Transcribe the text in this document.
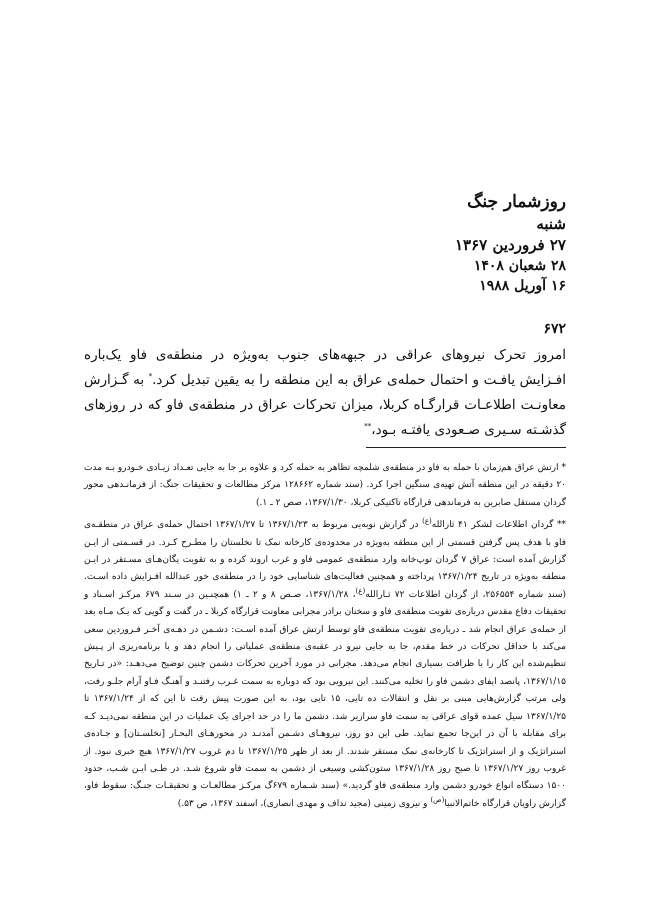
روزشمار جنگ
شنبه
۲۷ فروردین ۱۳۶۷
۲۸ شعبان ۱۴۰۸
۱۶ آوریل ۱۹۸۸
۶۷۲
امروز تحرک نیروهای عراقی در جبهه‌های جنوب به‌ویژه در منطقه‌ی فاو یک‌باره افـزایش یافـت و احتمال حمله‌ی عراق به این منطقه را به یقین تبدیل کرد.* به گـزارش معاونـت اطلاعـات قرارگـاه کربلا، میزان تحرکات عراق در منطقه‌ی فاو که در روزهای گذشـته سـیری صـعودی یافتـه بـود،**

* ارتش عراق هم‌زمان با حمله به فاو در منطقه‌ی شلمچه تظاهر به حمله کرد و علاوه بر جا به جایی تعـداد زیـادی خـودرو بـه مدت ۲۰ دقیقه در این منطقه آتش تهیه‌ی سنگین اجرا کرد. (سند شماره ۱۲۸۶۶۲ مرکز مطالعات و تحقیقات جنگ: از فرمانـدهی محور گردان مستقل صابرین به فرماندهی قرارگاه تاکتیکی کربلا، ۱۳۶۷/۱/۳۰، صص ۲ ـ ۱.)

** گردان اطلاعات لشکر ۴۱ ثارالله$^{(ع)}$ در گزارش نوبه‌یی مربوط به ۱۳۶۷/۱/۲۳ تا ۱۳۶۷/۱/۲۷ احتمال حمله‌ی عراق در منطقـه‌ی فاو با هدف پس گرفتن قسمتی از این منطقه به‌ویژه در محدوده‌ی کارخانه نمک تا نخلستان را مطـرح کـرد. در قسـمتی از ایـن گزارش آمده است: عراق ۷ گردان توپ‌خانه وارد منطقه‌ی عمومی فاو و غرب اروند کرده و به تقویت یگان‌هـای مسـتقر در ایـن منطقه به‌ویژه در تاریخ ۱۳۶۷/۱/۲۴ پرداخته و همچنین فعالیت‌های شناسایی خود را در منطقه‌ی خور عبدالله افـزایش داده اسـت. (سند شماره ۲۵۶۵۵۴، از گردان اطلاعات ۷۲ ثـارالله$^{(ع)}$، ۱۳۶۷/۱/۲۸، صـص ۸ و ۲ ـ ۱) همچنـین در سـند ۶۷۹ مرکـز اسـناد و تحقیقات دفاع مقدس درباره‌ی تقویت منطقه‌ی فاو و سخنان برادر مجرابی معاونت قرارگاه کربلا ـ در گفت و گویی که یـک مـاه بعد از حمله‌ی عراق انجام شد ـ درباره‌ی تقویت منطقه‌ی فاو توسط ارتش عراق آمده اسـت: دشـمن در دهـه‌ی آخـر فـروردین سعی می‌کند با حداقل تحرکات در خط مقدم، جا به جایی نیرو در عقبه‌ی منطقه‌ی عملیاتی را انجام دهد و با برنامه‌ریزی از پـیش تنظیم‌شده این کار را با ظرافت بسیاری انجام می‌دهد. مجرابی در مورد آخرین تحرکات دشمن چنین توضیح می‌دهـد: «در تـاریخ ۱۳۶۷/۱/۱۵، پانصد ایفای دشمن فاو را تخلیه می‌کنند. این نیرویی بود که دوباره به سمت غـرب رفتنـد و آهنـگ فـاو آرام جلـو رفت، ولی مرتب گزارش‌هایی مبنی بر نقل و انتقالات ده تایی، ۱۵ تایی بود، به این صورت پیش رفت تا این که از ۱۳۶۷/۱/۲۴ تا ۱۳۶۷/۱/۲۵ سیل عمده قوای عراقی به سمت فاو سرازیر شد. دشمن ما را در حد اجرای یک عملیات در این منطقه نمی‌دیـد کـه برای مقابله با آن در این‌جا تجمع نماید. طی این دو روز، نیروهـای دشـمن آمدنـد در محورهـای البحـار [نخلسـتان] و جـاده‌ی استراتژیک و از استراتژیک تا کارخانه‌ی نمک مستقر شدند. از بعد از ظهر ۱۳۶۷/۱/۲۵ تا دم غروب ۱۳۶۷/۱/۲۷ هیچ خبری نبود. از غروب روز ۱۳۶۷/۱/۲۷ تا صبح روز ۱۳۶۷/۱/۲۸ ستون‌کشی وسیعی از دشمن به سمت فاو شروع شـد. در طـی ایـن شـب، حدود ۱۵۰۰ دستگاه انواع خودرو دشمن وارد منطقه‌ی فاو گردید.» (سند شـماره ۶۷۹گ مرکـز مطالعـات و تحقیقـات جنـگ: سقوط فاو، گزارش راویان قرارگاه خاتم‌الانبیا$^{(ص)}$ و نیروی زمینی (مجید نداف و مهدی انصاری)، اسفند ۱۳۶۷، ص ۵۳.)
